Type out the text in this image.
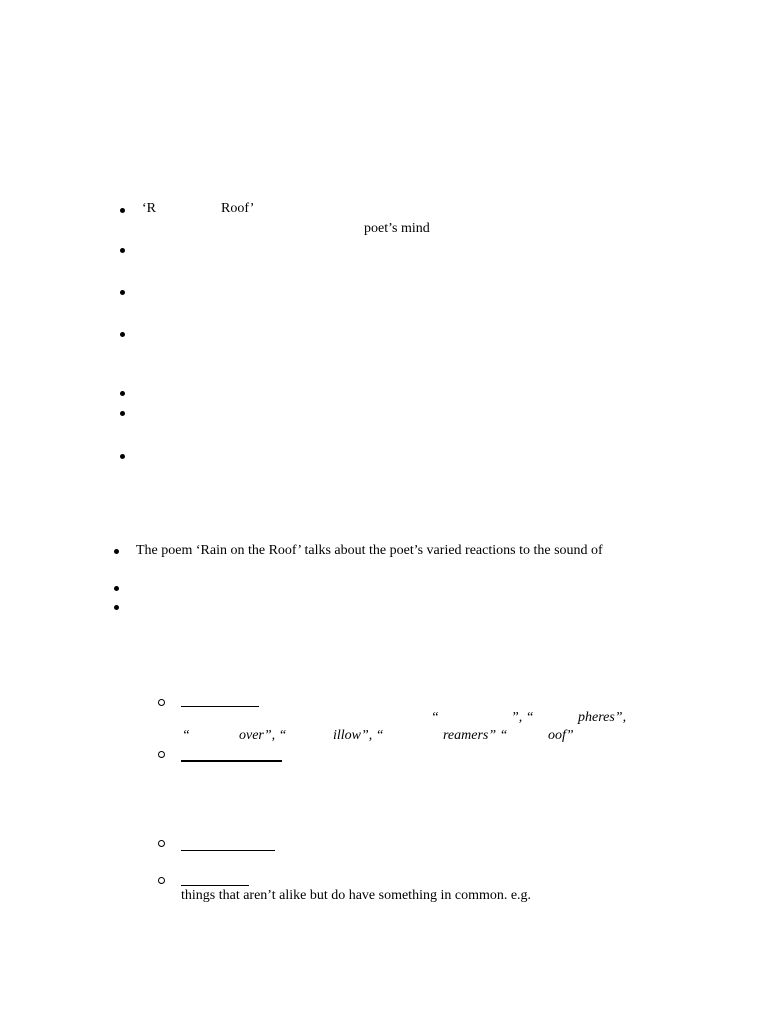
‘R	Roof’
poet’s mind
The poem ‘Rain on the Roof’ talks about the poet’s varied reactions to the sound of
“	”, “	pheres”,
“	over”, “	illow”, “	reamers” “	oof”
things that aren’t alike but do have something in common. e.g.
